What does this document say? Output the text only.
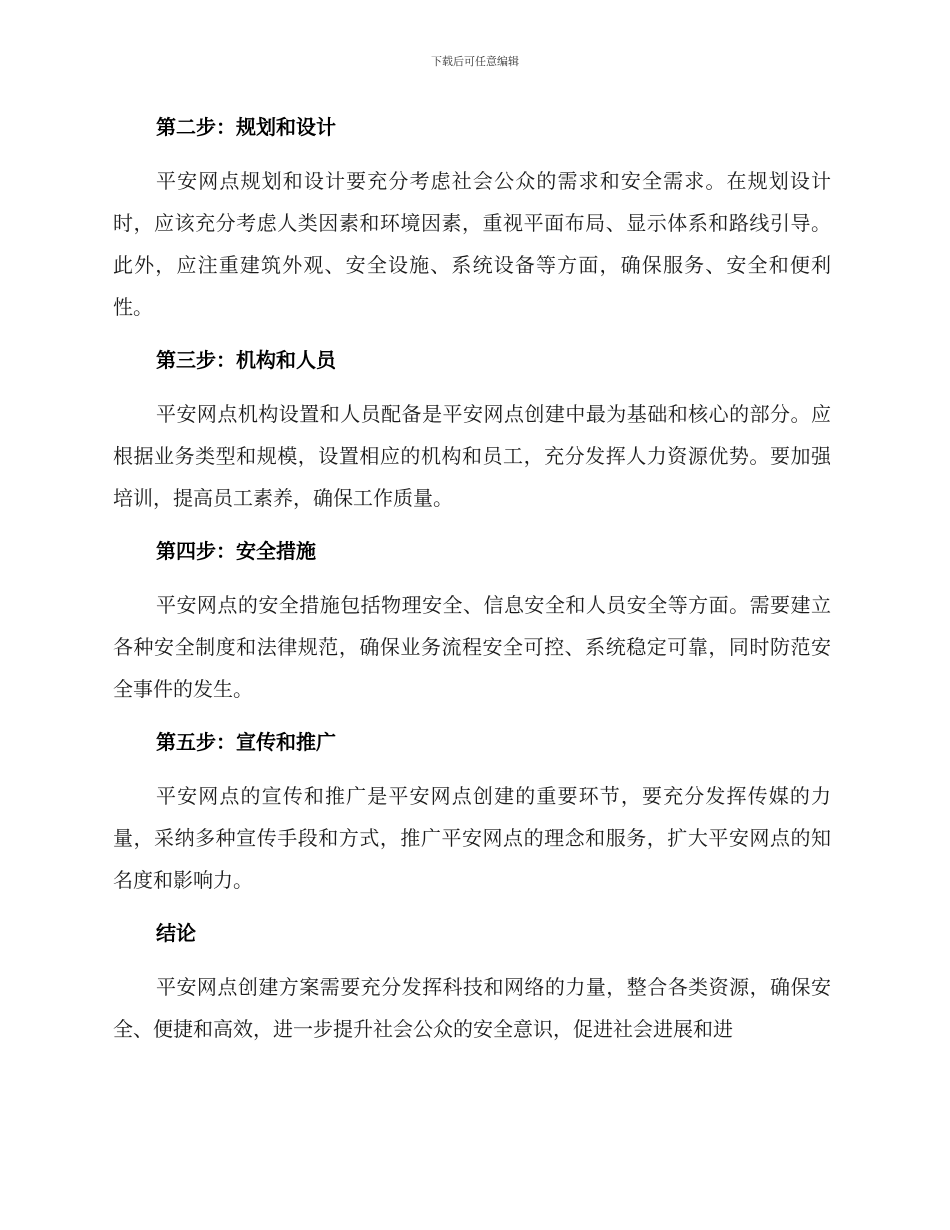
下载后可任意编辑
第二步：规划和设计

平安网点规划和设计要充分考虑社会公众的需求和安全需求。在规划设计时，应该充分考虑人类因素和环境因素，重视平面布局、显示体系和路线引导。此外，应注重建筑外观、安全设施、系统设备等方面，确保服务、安全和便利性。

第三步：机构和人员

平安网点机构设置和人员配备是平安网点创建中最为基础和核心的部分。应根据业务类型和规模，设置相应的机构和员工，充分发挥人力资源优势。要加强培训，提高员工素养，确保工作质量。

第四步：安全措施

平安网点的安全措施包括物理安全、信息安全和人员安全等方面。需要建立各种安全制度和法律规范，确保业务流程安全可控、系统稳定可靠，同时防范安全事件的发生。

第五步：宣传和推广

平安网点的宣传和推广是平安网点创建的重要环节，要充分发挥传媒的力量，采纳多种宣传手段和方式，推广平安网点的理念和服务，扩大平安网点的知名度和影响力。

结论

平安网点创建方案需要充分发挥科技和网络的力量，整合各类资源，确保安全、便捷和高效，进一步提升社会公众的安全意识，促进社会进展和进
